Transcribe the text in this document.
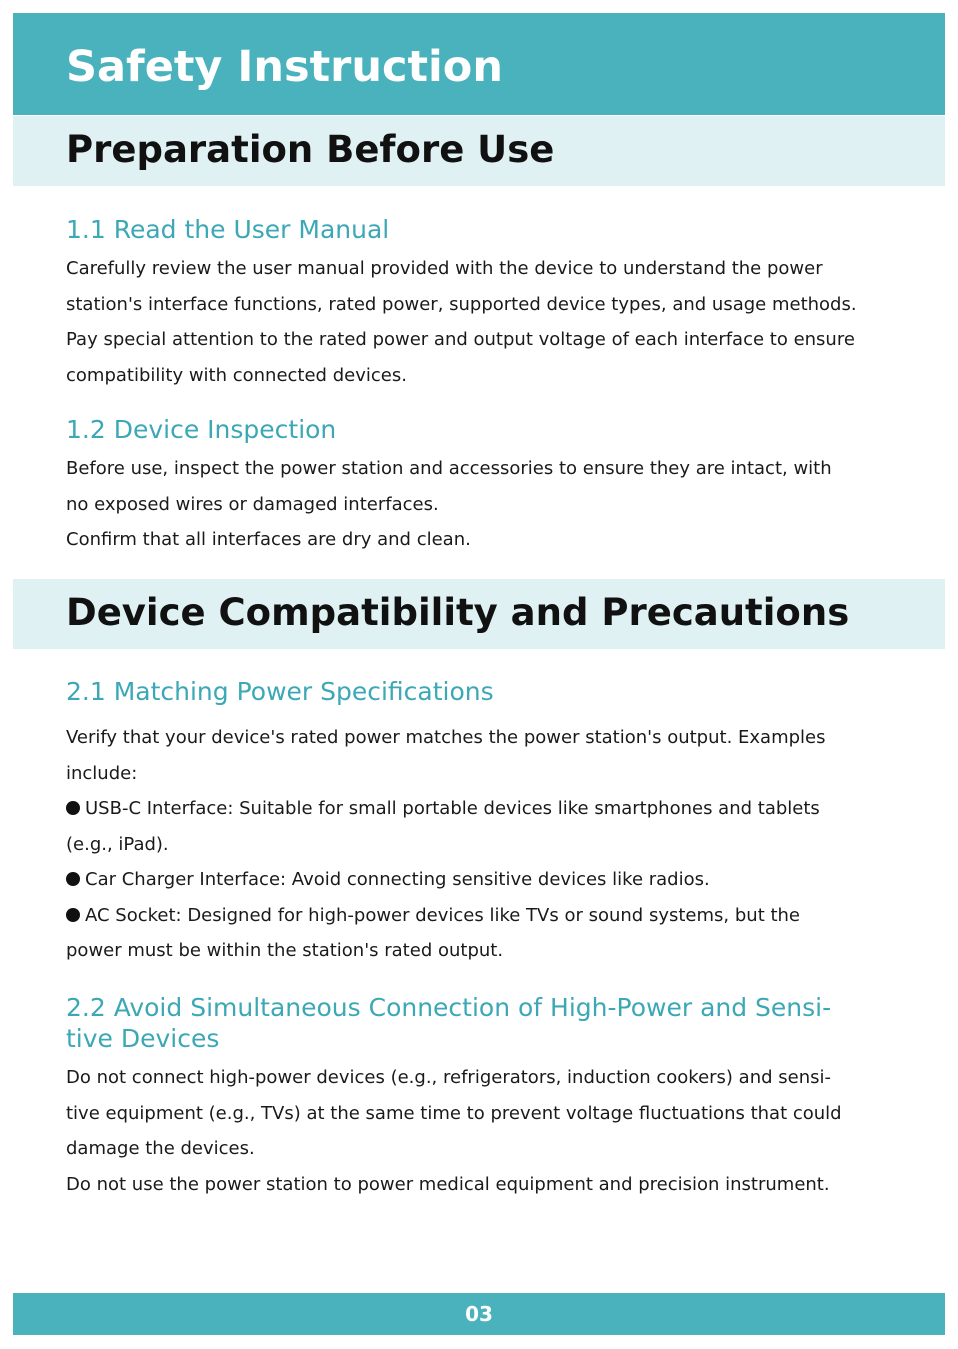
Safety Instruction
Preparation Before Use
1.1 Read the User Manual
Carefully review the user manual provided with the device to understand the power
station's interface functions, rated power, supported device types, and usage methods.
Pay special attention to the rated power and output voltage of each interface to ensure
compatibility with connected devices.
1.2 Device Inspection
Before use, inspect the power station and accessories to ensure they are intact, with
no exposed wires or damaged interfaces.
Confirm that all interfaces are dry and clean.
Device Compatibility and Precautions
2.1 Matching Power Specifications
Verify that your device's rated power matches the power station's output. Examples
include:
USB-C Interface: Suitable for small portable devices like smartphones and tablets
(e.g., iPad).
Car Charger Interface: Avoid connecting sensitive devices like radios.
AC Socket: Designed for high-power devices like TVs or sound systems, but the
power must be within the station's rated output.
2.2 Avoid Simultaneous Connection of High-Power and Sensi-
tive Devices
Do not connect high-power devices (e.g., refrigerators, induction cookers) and sensi-
tive equipment (e.g., TVs) at the same time to prevent voltage fluctuations that could
damage the devices.
Do not use the power station to power medical equipment and precision instrument.
03
